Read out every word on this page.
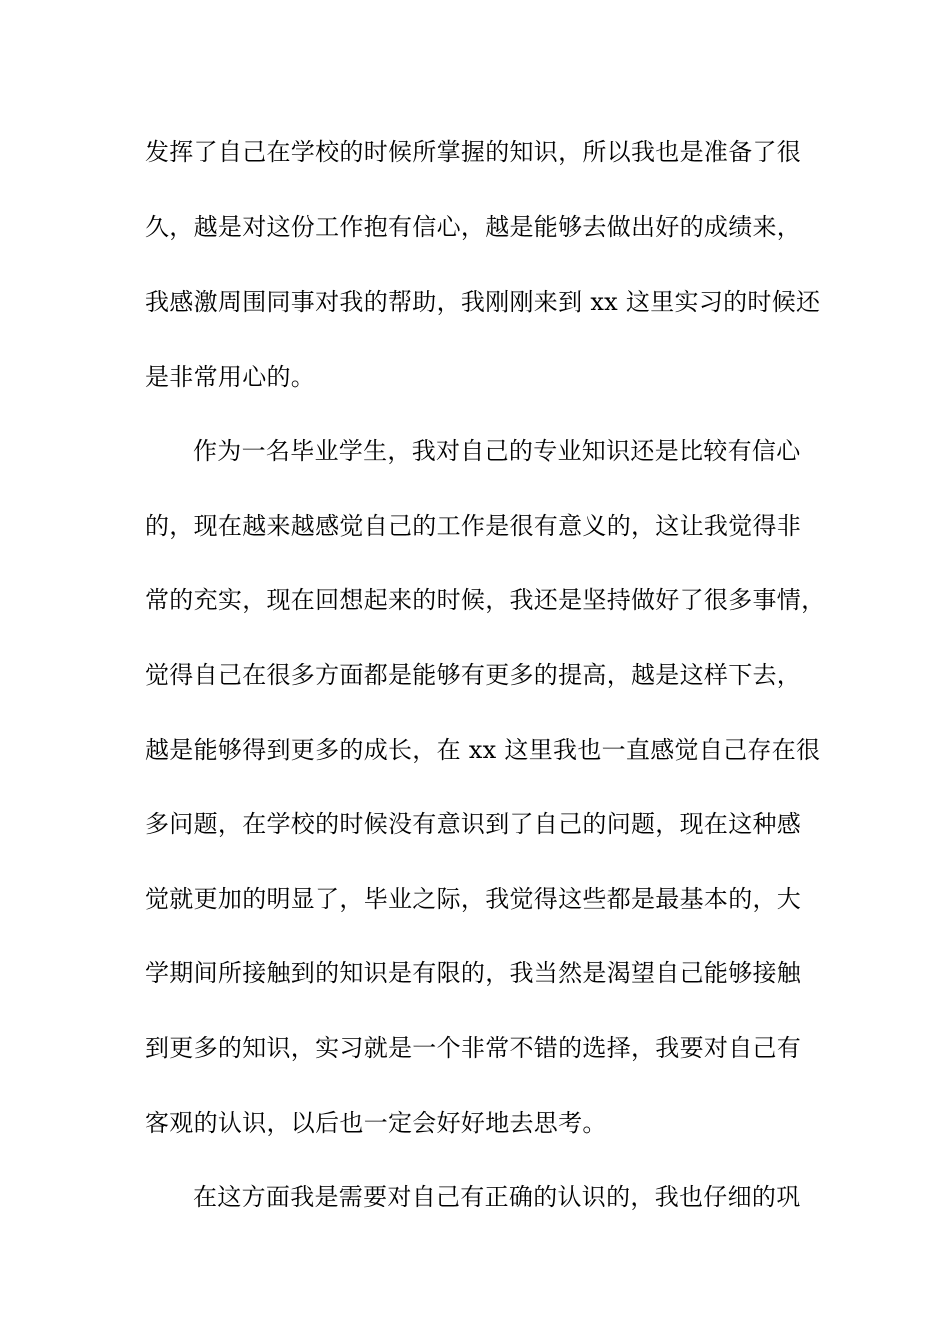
发挥了自己在学校的时候所掌握的知识，所以我也是准备了很
久，越是对这份工作抱有信心，越是能够去做出好的成绩来，
我感激周围同事对我的帮助，我刚刚来到 xx 这里实习的时候还
是非常用心的。
作为一名毕业学生，我对自己的专业知识还是比较有信心
的，现在越来越感觉自己的工作是很有意义的，这让我觉得非
常的充实，现在回想起来的时候，我还是坚持做好了很多事情，
觉得自己在很多方面都是能够有更多的提高，越是这样下去，
越是能够得到更多的成长，在 xx 这里我也一直感觉自己存在很
多问题，在学校的时候没有意识到了自己的问题，现在这种感
觉就更加的明显了，毕业之际，我觉得这些都是最基本的，大
学期间所接触到的知识是有限的，我当然是渴望自己能够接触
到更多的知识，实习就是一个非常不错的选择，我要对自己有
客观的认识，以后也一定会好好地去思考。
在这方面我是需要对自己有正确的认识的，我也仔细的巩
